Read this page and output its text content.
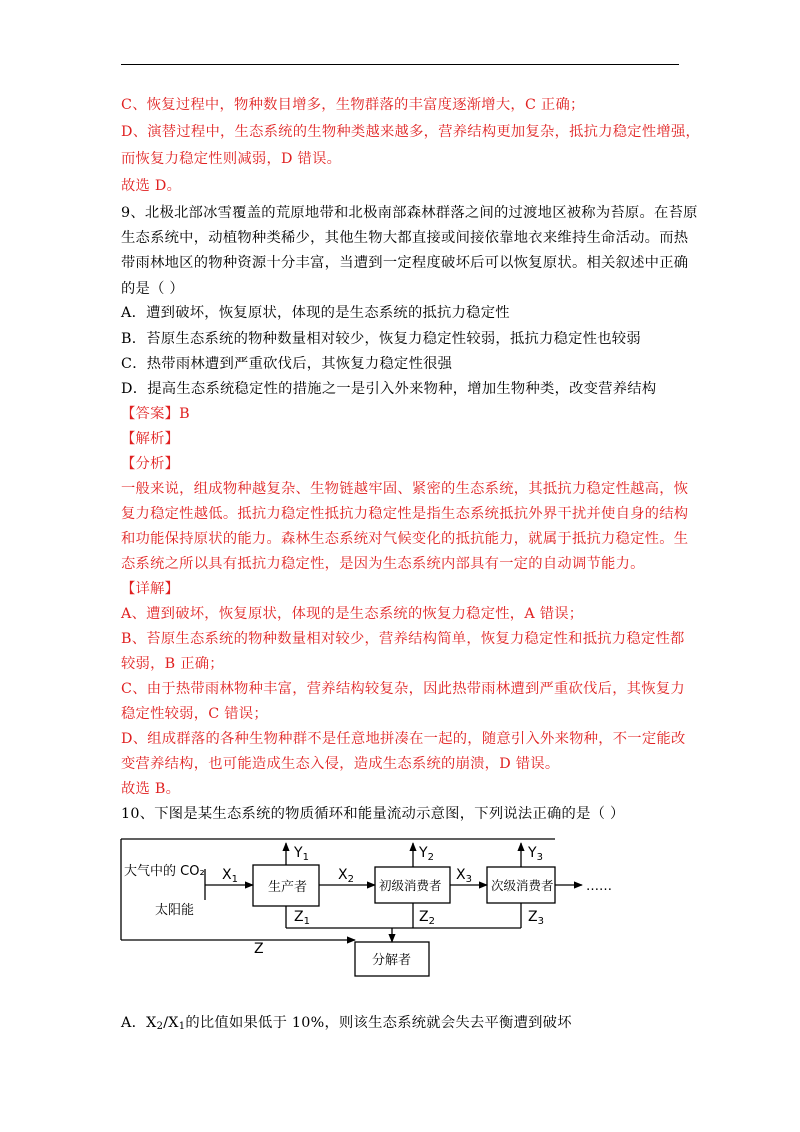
C、恢复过程中，物种数目增多，生物群落的丰富度逐渐增大，C 正确；
D、演替过程中，生态系统的生物种类越来越多，营养结构更加复杂，抵抗力稳定性增强，
而恢复力稳定性则减弱，D 错误。
故选 D。
9、北极北部冰雪覆盖的荒原地带和北极南部森林群落之间的过渡地区被称为苔原。在苔原
生态系统中，动植物种类稀少，其他生物大都直接或间接依靠地衣来维持生命活动。而热
带雨林地区的物种资源十分丰富，当遭到一定程度破坏后可以恢复原状。相关叙述中正确
的是（ ）
A．遭到破坏，恢复原状，体现的是生态系统的抵抗力稳定性
B．苔原生态系统的物种数量相对较少，恢复力稳定性较弱，抵抗力稳定性也较弱
C．热带雨林遭到严重砍伐后，其恢复力稳定性很强
D．提高生态系统稳定性的措施之一是引入外来物种，增加生物种类，改变营养结构
【答案】B
【解析】
【分析】
一般来说，组成物种越复杂、生物链越牢固、紧密的生态系统，其抵抗力稳定性越高，恢
复力稳定性越低。抵抗力稳定性抵抗力稳定性是指生态系统抵抗外界干扰并使自身的结构
和功能保持原状的能力。森林生态系统对气候变化的抵抗能力，就属于抵抗力稳定性。生
态系统之所以具有抵抗力稳定性，是因为生态系统内部具有一定的自动调节能力。
【详解】
A、遭到破坏，恢复原状，体现的是生态系统的恢复力稳定性，A 错误；
B、苔原生态系统的物种数量相对较少，营养结构简单，恢复力稳定性和抵抗力稳定性都
较弱，B 正确；
C、由于热带雨林物种丰富，营养结构较复杂，因此热带雨林遭到严重砍伐后，其恢复力
稳定性较弱，C 错误；
D、组成群落的各种生物种群不是任意地拼凑在一起的，随意引入外来物种，不一定能改
变营养结构，也可能造成生态入侵，造成生态系统的崩溃，D 错误。
故选 B。
10、下图是某生态系统的物质循环和能量流动示意图，下列说法正确的是（ ）
大气中的 CO₂
太阳能
生产者	初级消费者	次级消费者
分解者
……
$X_1$	$X_2$	$X_3$
$Y_1$	$Y_2$	$Y_3$
$Z_1$	$Z_2$	$Z_3$
Z
A．$X_2/X_1$的比值如果低于 10%，则该生态系统就会失去平衡遭到破坏
